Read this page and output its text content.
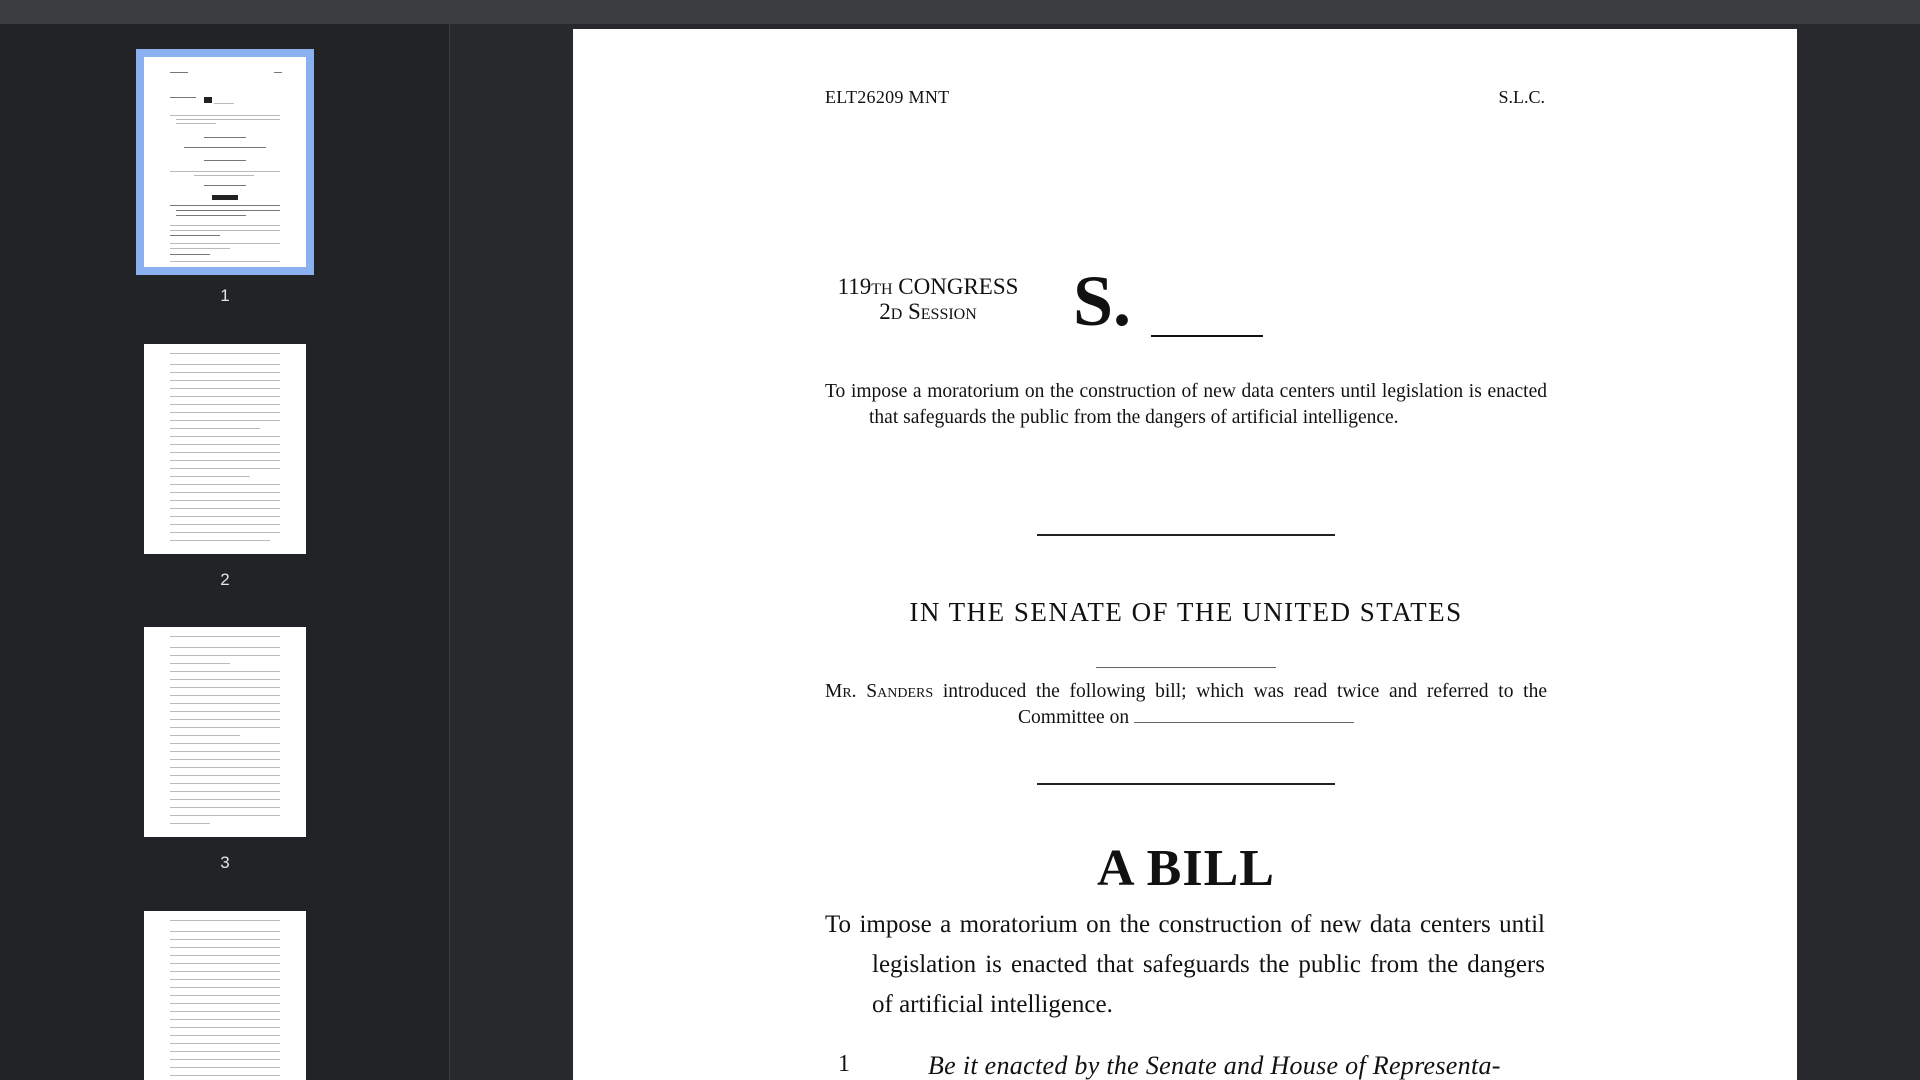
1
2
3
ELT26209 MNT	S.L.C.
119th CONGRESS
2d Session	S.
To impose a moratorium on the construction of new data centers until legislation is enacted that safeguards the public from the dangers of artificial intelligence.
IN THE SENATE OF THE UNITED STATES
Mr. Sanders introduced the following bill; which was read twice and referred to the Committee on
A BILL
To impose a moratorium on the construction of new data centers until legislation is enacted that safeguards the public from the dangers of artificial intelligence.
1	Be it enacted by the Senate and House of Representa-
